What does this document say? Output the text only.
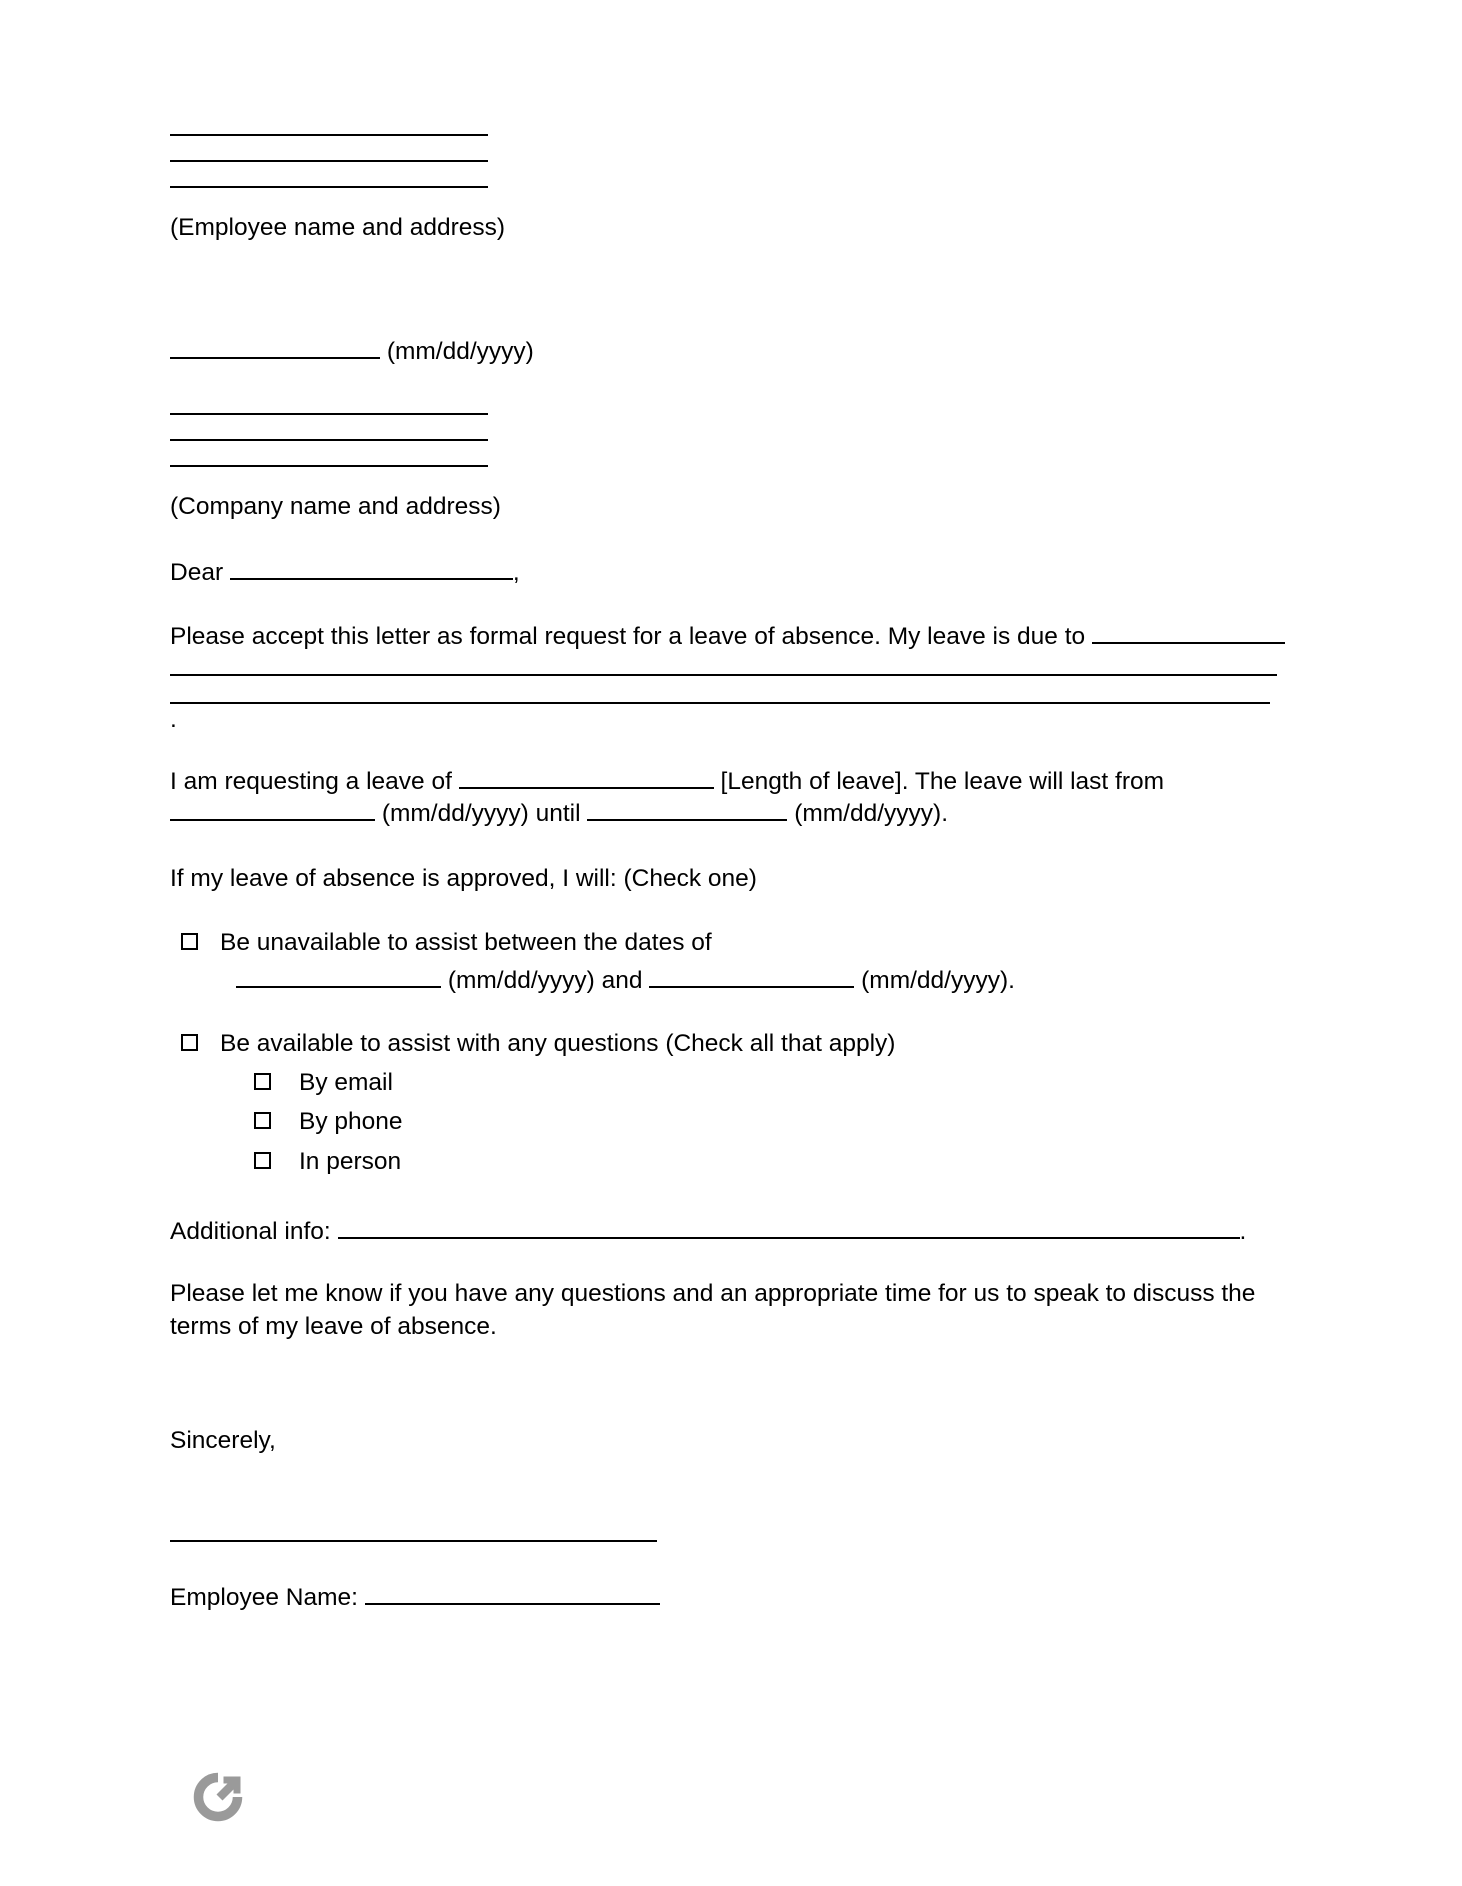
(Employee name and address)
(mm/dd/yyyy)
(Company name and address)
Dear	,
Please accept this letter as formal request for a leave of absence. My leave is due to
.
I am requesting a leave of	[Length of leave]. The leave will last from
(mm/dd/yyyy) until	(mm/dd/yyyy).
If my leave of absence is approved, I will: (Check one)
Be unavailable to assist between the dates of
(mm/dd/yyyy) and	(mm/dd/yyyy).
Be available to assist with any questions (Check all that apply)
By email
By phone
In person
Additional info:	.
Please let me know if you have any questions and an appropriate time for us to speak to discuss the
terms of my leave of absence.
Sincerely,
Employee Name:
